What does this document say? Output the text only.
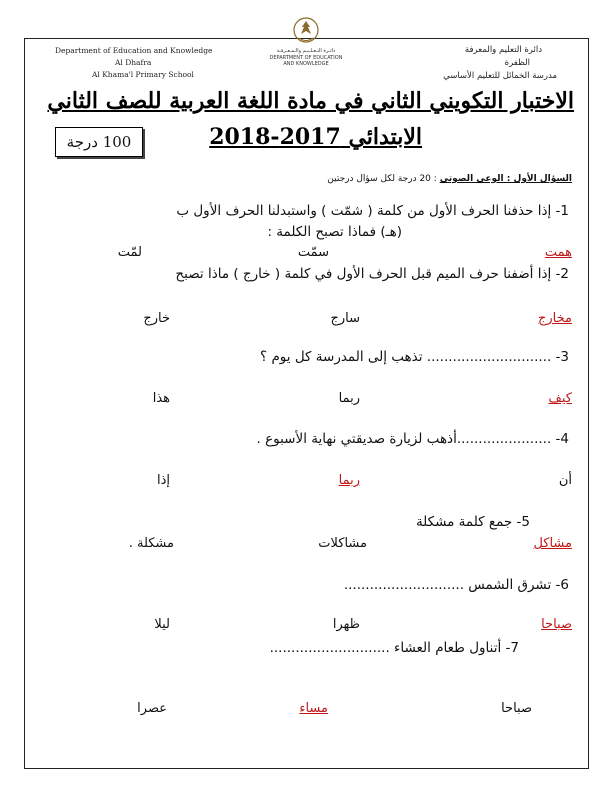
Department of Education and Knowledge
Al Dhafra
Al Khama'l Primary School
دائـرة التـعـلـيـم والـمـعـرفـة
DEPARTMENT OF EDUCATION
AND KNOWLEDGE
دائرة التعليم والمعرفة
الظفرة
مدرسة الخمائل للتعليم الأساسي
الاختبار التكويني الثاني في مادة اللغة العربية للصف الثاني
الابتدائي 2017-2018
100 درجة
السؤال الأول : الوعي الصوتي : 20 درجة لكل سؤال درجتين
1- إذا حذفنا الحرف الأول من كلمة ( شمّت ) واستبدلنا الحرف الأول ب
(هـ) فماذا تصبح الكلمة :
همت
سمّت
لمّت
2- إذا أضفنا حرف الميم قبل الحرف الأول في كلمة ( خارج ) ماذا تصبح
مخارج
سارج
خارج
3- ............................. تذهب إلى المدرسة كل يوم ؟
كيف
ربما
هذا
4- ......................أذهب لزيارة صديقتي نهاية الأسبوع .
أن
ربما
إذا
5- جمع كلمة مشكلة
مشاكل
مشاكلات
مشكلة .
6- تشرق الشمس ............................
صباحا
ظهرا
ليلا
7- أتناول طعام العشاء ............................
صباحا
مساء
عصرا
